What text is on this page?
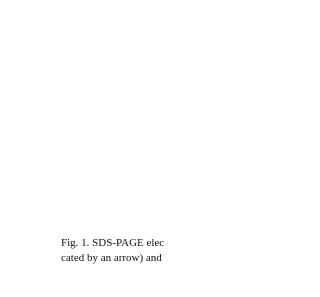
Fig. 1. SDS-PAGE elec
cated by an arrow) and
